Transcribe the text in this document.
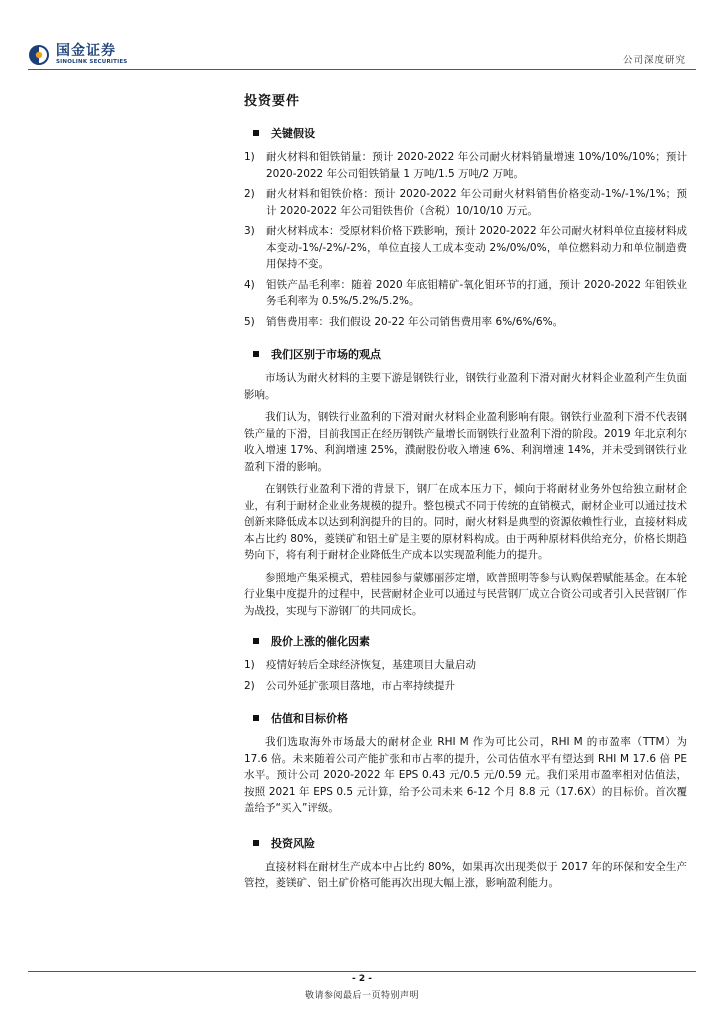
国金证券
SINOLINK SECURITIES	公司深度研究
投资要件
关键假设
1)	耐火材料和钼铁销量：预计 2020-2022 年公司耐火材料销量增速 10%/10%/10%；预计 2020-2022 年公司钼铁销量 1 万吨/1.5 万吨/2 万吨。
2)	耐火材料和钼铁价格：预计 2020-2022 年公司耐火材料销售价格变动-1%/-1%/1%；预计 2020-2022 年公司钼铁售价（含税）10/10/10 万元。
3)	耐火材料成本：受原材料价格下跌影响，预计 2020-2022 年公司耐火材料单位直接材料成本变动-1%/-2%/-2%，单位直接人工成本变动 2%/0%/0%，单位燃料动力和单位制造费用保持不变。
4)	钼铁产品毛利率：随着 2020 年底钼精矿-氧化钼环节的打通，预计 2020-2022 年钼铁业务毛利率为 0.5%/5.2%/5.2%。
5)	销售费用率：我们假设 20-22 年公司销售费用率 6%/6%/6%。
我们区别于市场的观点

市场认为耐火材料的主要下游是钢铁行业，钢铁行业盈利下滑对耐火材料企业盈利产生负面影响。

我们认为，钢铁行业盈利的下滑对耐火材料企业盈利影响有限。钢铁行业盈利下滑不代表钢铁产量的下滑，目前我国正在经历钢铁产量增长而钢铁行业盈利下滑的阶段。2019 年北京利尔收入增速 17%、利润增速 25%，濮耐股份收入增速 6%、利润增速 14%，并未受到钢铁行业盈利下滑的影响。

在钢铁行业盈利下滑的背景下，钢厂在成本压力下，倾向于将耐材业务外包给独立耐材企业，有利于耐材企业业务规模的提升。整包模式不同于传统的直销模式，耐材企业可以通过技术创新来降低成本以达到利润提升的目的。同时，耐火材料是典型的资源依赖性行业，直接材料成本占比约 80%，菱镁矿和铝土矿是主要的原材料构成。由于两种原材料供给充分，价格长期趋势向下，将有利于耐材企业降低生产成本以实现盈利能力的提升。

参照地产集采模式，碧桂园参与蒙娜丽莎定增，欧普照明等参与认购保碧赋能基金。在本轮行业集中度提升的过程中，民营耐材企业可以通过与民营钢厂成立合资公司或者引入民营钢厂作为战投，实现与下游钢厂的共同成长。

股价上涨的催化因素
1)	疫情好转后全球经济恢复，基建项目大量启动
2)	公司外延扩张项目落地，市占率持续提升
估值和目标价格

我们选取海外市场最大的耐材企业 RHI M 作为可比公司，RHI M 的市盈率（TTM）为 17.6 倍。未来随着公司产能扩张和市占率的提升，公司估值水平有望达到 RHI M 17.6 倍 PE 水平。预计公司 2020-2022 年 EPS 0.43 元/0.5 元/0.59 元。我们采用市盈率相对估值法，按照 2021 年 EPS 0.5 元计算，给予公司未来 6-12 个月 8.8 元（17.6X）的目标价。首次覆盖给予“买入”评级。

投资风险

直接材料在耐材生产成本中占比约 80%，如果再次出现类似于 2017 年的环保和安全生产管控，菱镁矿、铝土矿价格可能再次出现大幅上涨，影响盈利能力。

- 2 -
敬请参阅最后一页特别声明
